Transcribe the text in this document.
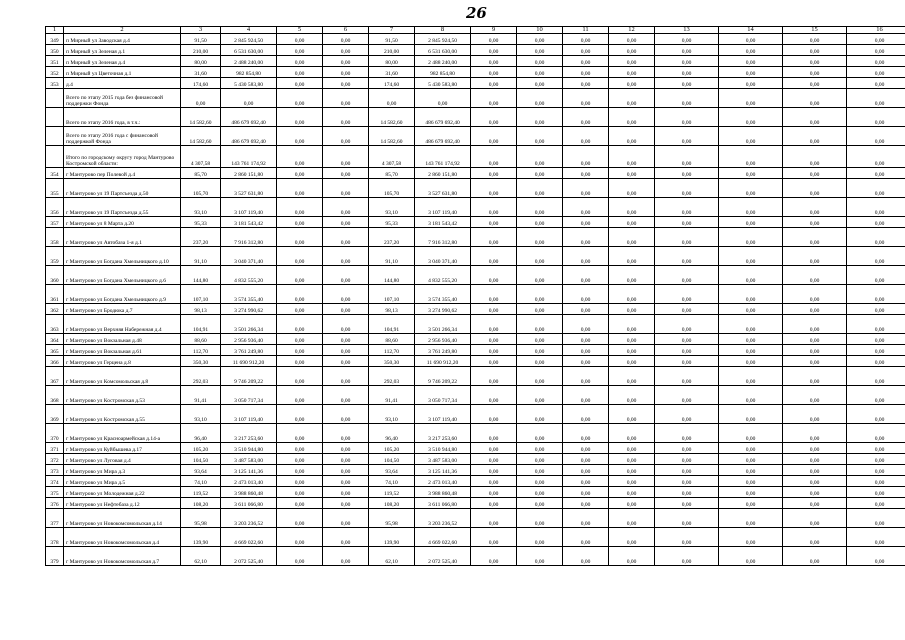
26
1	2	3	4	5	6	7	8	9	10	11	12	13	14	15	16
349	п Мирный ул Заводская д.4	91,50	2 845 924,50	0,00	0,00	91,50	2 845 924,50	0,00	0,00	0,00	0,00	0,00	0,00	0,00	0,00
350	п Мирный ул Зеленая д.1	210,00	6 531 630,00	0,00	0,00	210,00	6 531 630,00	0,00	0,00	0,00	0,00	0,00	0,00	0,00	0,00
351	п Мирный ул Зеленая д.4	80,00	2 488 240,00	0,00	0,00	80,00	2 488 240,00	0,00	0,00	0,00	0,00	0,00	0,00	0,00	0,00
352	п Мирный ул Цветочная д.1	31,60	982 854,80	0,00	0,00	31,60	982 854,80	0,00	0,00	0,00	0,00	0,00	0,00	0,00	0,00
353	д.4	174,60	5 430 583,80	0,00	0,00	174,60	5 430 583,80	0,00	0,00	0,00	0,00	0,00	0,00	0,00	0,00
	Всего по этапу 2015 года без финансовой поддержки Фонда	0,00	0,00	0,00	0,00	0,00	0,00	0,00	0,00	0,00	0,00	0,00	0,00	0,00	0,00
	Всего по этапу 2016 года, в т.ч.:	14 582,60	486 679 692,40	0,00	0,00	14 582,60	486 679 692,40	0,00	0,00	0,00	0,00	0,00	0,00	0,00	0,00
	Всего по этапу 2016 года с финансовой поддержкой Фонда	14 582,60	486 679 692,40	0,00	0,00	14 582,60	486 679 692,40	0,00	0,00	0,00	0,00	0,00	0,00	0,00	0,00
	Итого по городскому округу город Мантурово Костромской области:	4 307,58	143 761 174,92	0,00	0,00	4 307,58	143 761 174,92	0,00	0,00	0,00	0,00	0,00	0,00	0,00	0,00
354	г Мантурово пер Полевой д.4	85,70	2 860 151,80	0,00	0,00	85,70	2 860 151,80	0,00	0,00	0,00	0,00	0,00	0,00	0,00	0,00
355	г Мантурово ул 19 Партсъезда д.50	105,70	3 527 631,80	0,00	0,00	105,70	3 527 631,80	0,00	0,00	0,00	0,00	0,00	0,00	0,00	0,00
356	г Мантурово ул 19 Партсъезда д.55	93,10	3 107 119,40	0,00	0,00	93,10	3 107 119,40	0,00	0,00	0,00	0,00	0,00	0,00	0,00	0,00
357	г Мантурово ул 8 Марта д.20	95,33	3 181 543,42	0,00	0,00	95,33	3 181 543,42	0,00	0,00	0,00	0,00	0,00	0,00	0,00	0,00
358	г Мантурово ул Автобаза 1-я д.1	237,20	7 916 312,80	0,00	0,00	237,20	7 916 312,80	0,00	0,00	0,00	0,00	0,00	0,00	0,00	0,00
359	г Мантурово ул Богдана Хмельницкого д.10	91,10	3 040 371,40	0,00	0,00	91,10	3 040 371,40	0,00	0,00	0,00	0,00	0,00	0,00	0,00	0,00
360	г Мантурово ул Богдана Хмельницкого д.6	144,80	4 832 555,20	0,00	0,00	144,80	4 832 555,20	0,00	0,00	0,00	0,00	0,00	0,00	0,00	0,00
361	г Мантурово ул Богдана Хмельницкого д.9	107,10	3 574 355,40	0,00	0,00	107,10	3 574 355,40	0,00	0,00	0,00	0,00	0,00	0,00	0,00	0,00
362	г Мантурово ул Бродюка д.7	98,13	3 274 990,62	0,00	0,00	98,13	3 274 990,62	0,00	0,00	0,00	0,00	0,00	0,00	0,00	0,00
363	г Мантурово ул Верхняя Набережная д.4	104,91	3 501 266,34	0,00	0,00	104,91	3 501 266,34	0,00	0,00	0,00	0,00	0,00	0,00	0,00	0,00
364	г Мантурово ул Вокзальная д.48	88,60	2 956 936,40	0,00	0,00	88,60	2 956 936,40	0,00	0,00	0,00	0,00	0,00	0,00	0,00	0,00
365	г Мантурово ул Вокзальная д.61	112,70	3 761 249,80	0,00	0,00	112,70	3 761 249,80	0,00	0,00	0,00	0,00	0,00	0,00	0,00	0,00
366	г Мантурово ул Герцена д.8	350,30	11 690 912,20	0,00	0,00	350,30	11 690 912,20	0,00	0,00	0,00	0,00	0,00	0,00	0,00	0,00
367	г Мантурово ул Комсомольская д.8	292,03	9 746 209,22	0,00	0,00	292,03	9 746 209,22	0,00	0,00	0,00	0,00	0,00	0,00	0,00	0,00
368	г Мантурово ул Костромская д.53	91,41	3 050 717,34	0,00	0,00	91,41	3 050 717,34	0,00	0,00	0,00	0,00	0,00	0,00	0,00	0,00
369	г Мантурово ул Костромская д.55	93,10	3 107 119,40	0,00	0,00	93,10	3 107 119,40	0,00	0,00	0,00	0,00	0,00	0,00	0,00	0,00
370	г Мантурово ул Красноармейская д.14-а	96,40	3 217 253,60	0,00	0,00	96,40	3 217 253,60	0,00	0,00	0,00	0,00	0,00	0,00	0,00	0,00
371	г Мантурово ул Куйбышева д.17	105,20	3 510 944,80	0,00	0,00	105,20	3 510 944,80	0,00	0,00	0,00	0,00	0,00	0,00	0,00	0,00
372	г Мантурово ул Луговая д.4	104,50	3 487 583,00	0,00	0,00	104,50	3 487 583,00	0,00	0,00	0,00	0,00	0,00	0,00	0,00	0,00
373	г Мантурово ул Мира д.3	93,64	3 125 141,36	0,00	0,00	93,64	3 125 141,36	0,00	0,00	0,00	0,00	0,00	0,00	0,00	0,00
374	г Мантурово ул Мира д.5	74,10	2 473 013,40	0,00	0,00	74,10	2 473 013,40	0,00	0,00	0,00	0,00	0,00	0,00	0,00	0,00
375	г Мантурово ул Молодежная д.22	119,52	3 988 860,48	0,00	0,00	119,52	3 988 860,48	0,00	0,00	0,00	0,00	0,00	0,00	0,00	0,00
376	г Мантурово ул Нефтебаза д.12	108,20	3 611 066,80	0,00	0,00	108,20	3 611 066,80	0,00	0,00	0,00	0,00	0,00	0,00	0,00	0,00
377	г Мантурово ул Новокомсомольская д.14	95,98	3 203 236,52	0,00	0,00	95,98	3 203 236,52	0,00	0,00	0,00	0,00	0,00	0,00	0,00	0,00
378	г Мантурово ул Новокомсомольская д.4	139,90	4 669 022,60	0,00	0,00	139,90	4 669 022,60	0,00	0,00	0,00	0,00	0,00	0,00	0,00	0,00
379	г Мантурово ул Новокомсомольская д.7	62,10	2 072 525,40	0,00	0,00	62,10	2 072 525,40	0,00	0,00	0,00	0,00	0,00	0,00	0,00	0,00
